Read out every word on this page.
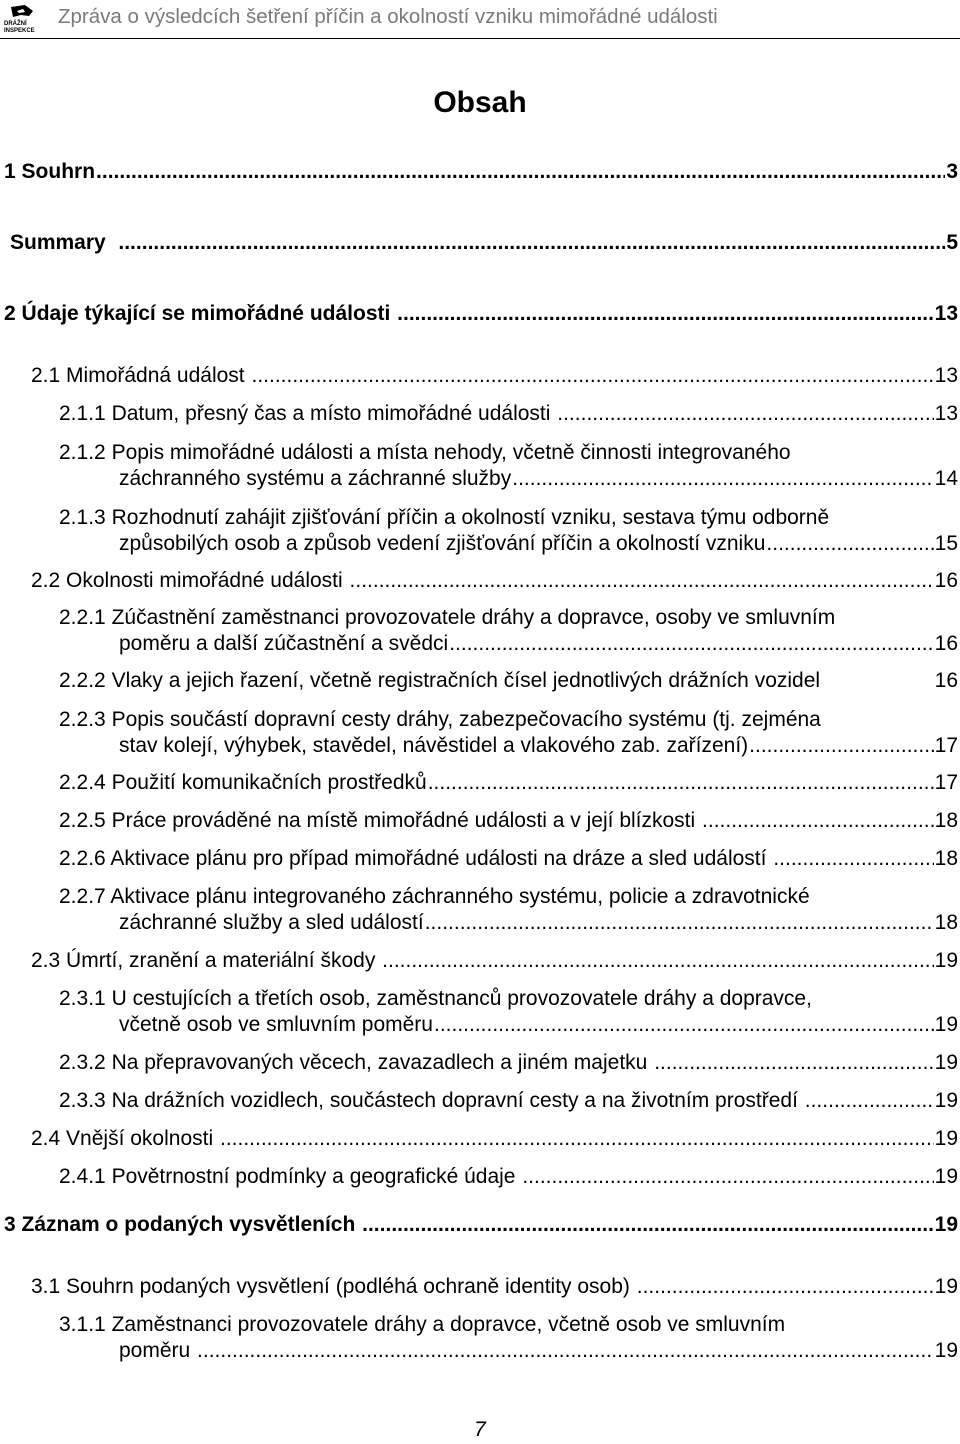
DRÁŽNÍ
INSPEKCE
Zpráva o výsledcích šetření příčin a okolností vzniku mimořádné události
Obsah
1 Souhrn .....	3
Summary .....	5
2 Údaje týkající se mimořádné události .....	13
2.1 Mimořádná událost .....	13
2.1.1 Datum, přesný čas a místo mimořádné události .....	13
2.1.2 Popis mimořádné události a místa nehody, včetně činnosti integrovaného
záchranného systému a záchranné služby .....	14
2.1.3 Rozhodnutí zahájit zjišťování příčin a okolností vzniku, sestava týmu odborně
způsobilých osob a způsob vedení zjišťování příčin a okolností vzniku .....	15
2.2 Okolnosti mimořádné události .....	16
2.2.1 Zúčastnění zaměstnanci provozovatele dráhy a dopravce, osoby ve smluvním
poměru a další zúčastnění a svědci .....	16
2.2.2 Vlaky a jejich řazení, včetně registračních čísel jednotlivých drážních vozidel	16
2.2.3 Popis součástí dopravní cesty dráhy, zabezpečovacího systému (tj. zejména
stav kolejí, výhybek, stavědel, návěstidel a vlakového zab. zařízení) .....	17
2.2.4 Použití komunikačních prostředků .....	17
2.2.5 Práce prováděné na místě mimořádné události a v její blízkosti .....	18
2.2.6 Aktivace plánu pro případ mimořádné události na dráze a sled událostí .....	18
2.2.7 Aktivace plánu integrovaného záchranného systému, policie a zdravotnické
záchranné služby a sled událostí .....	18
2.3 Úmrtí, zranění a materiální škody .....	19
2.3.1 U cestujících a třetích osob, zaměstnanců provozovatele dráhy a dopravce,
včetně osob ve smluvním poměru .....	19
2.3.2 Na přepravovaných věcech, zavazadlech a jiném majetku .....	19
2.3.3 Na drážních vozidlech, součástech dopravní cesty a na životním prostředí .....	19
2.4 Vnější okolnosti .....	19
2.4.1 Povětrnostní podmínky a geografické údaje .....	19
3 Záznam o podaných vysvětleních .....	19
3.1 Souhrn podaných vysvětlení (podléhá ochraně identity osob) .....	19
3.1.1 Zaměstnanci provozovatele dráhy a dopravce, včetně osob ve smluvním
poměru
.....	19
7
